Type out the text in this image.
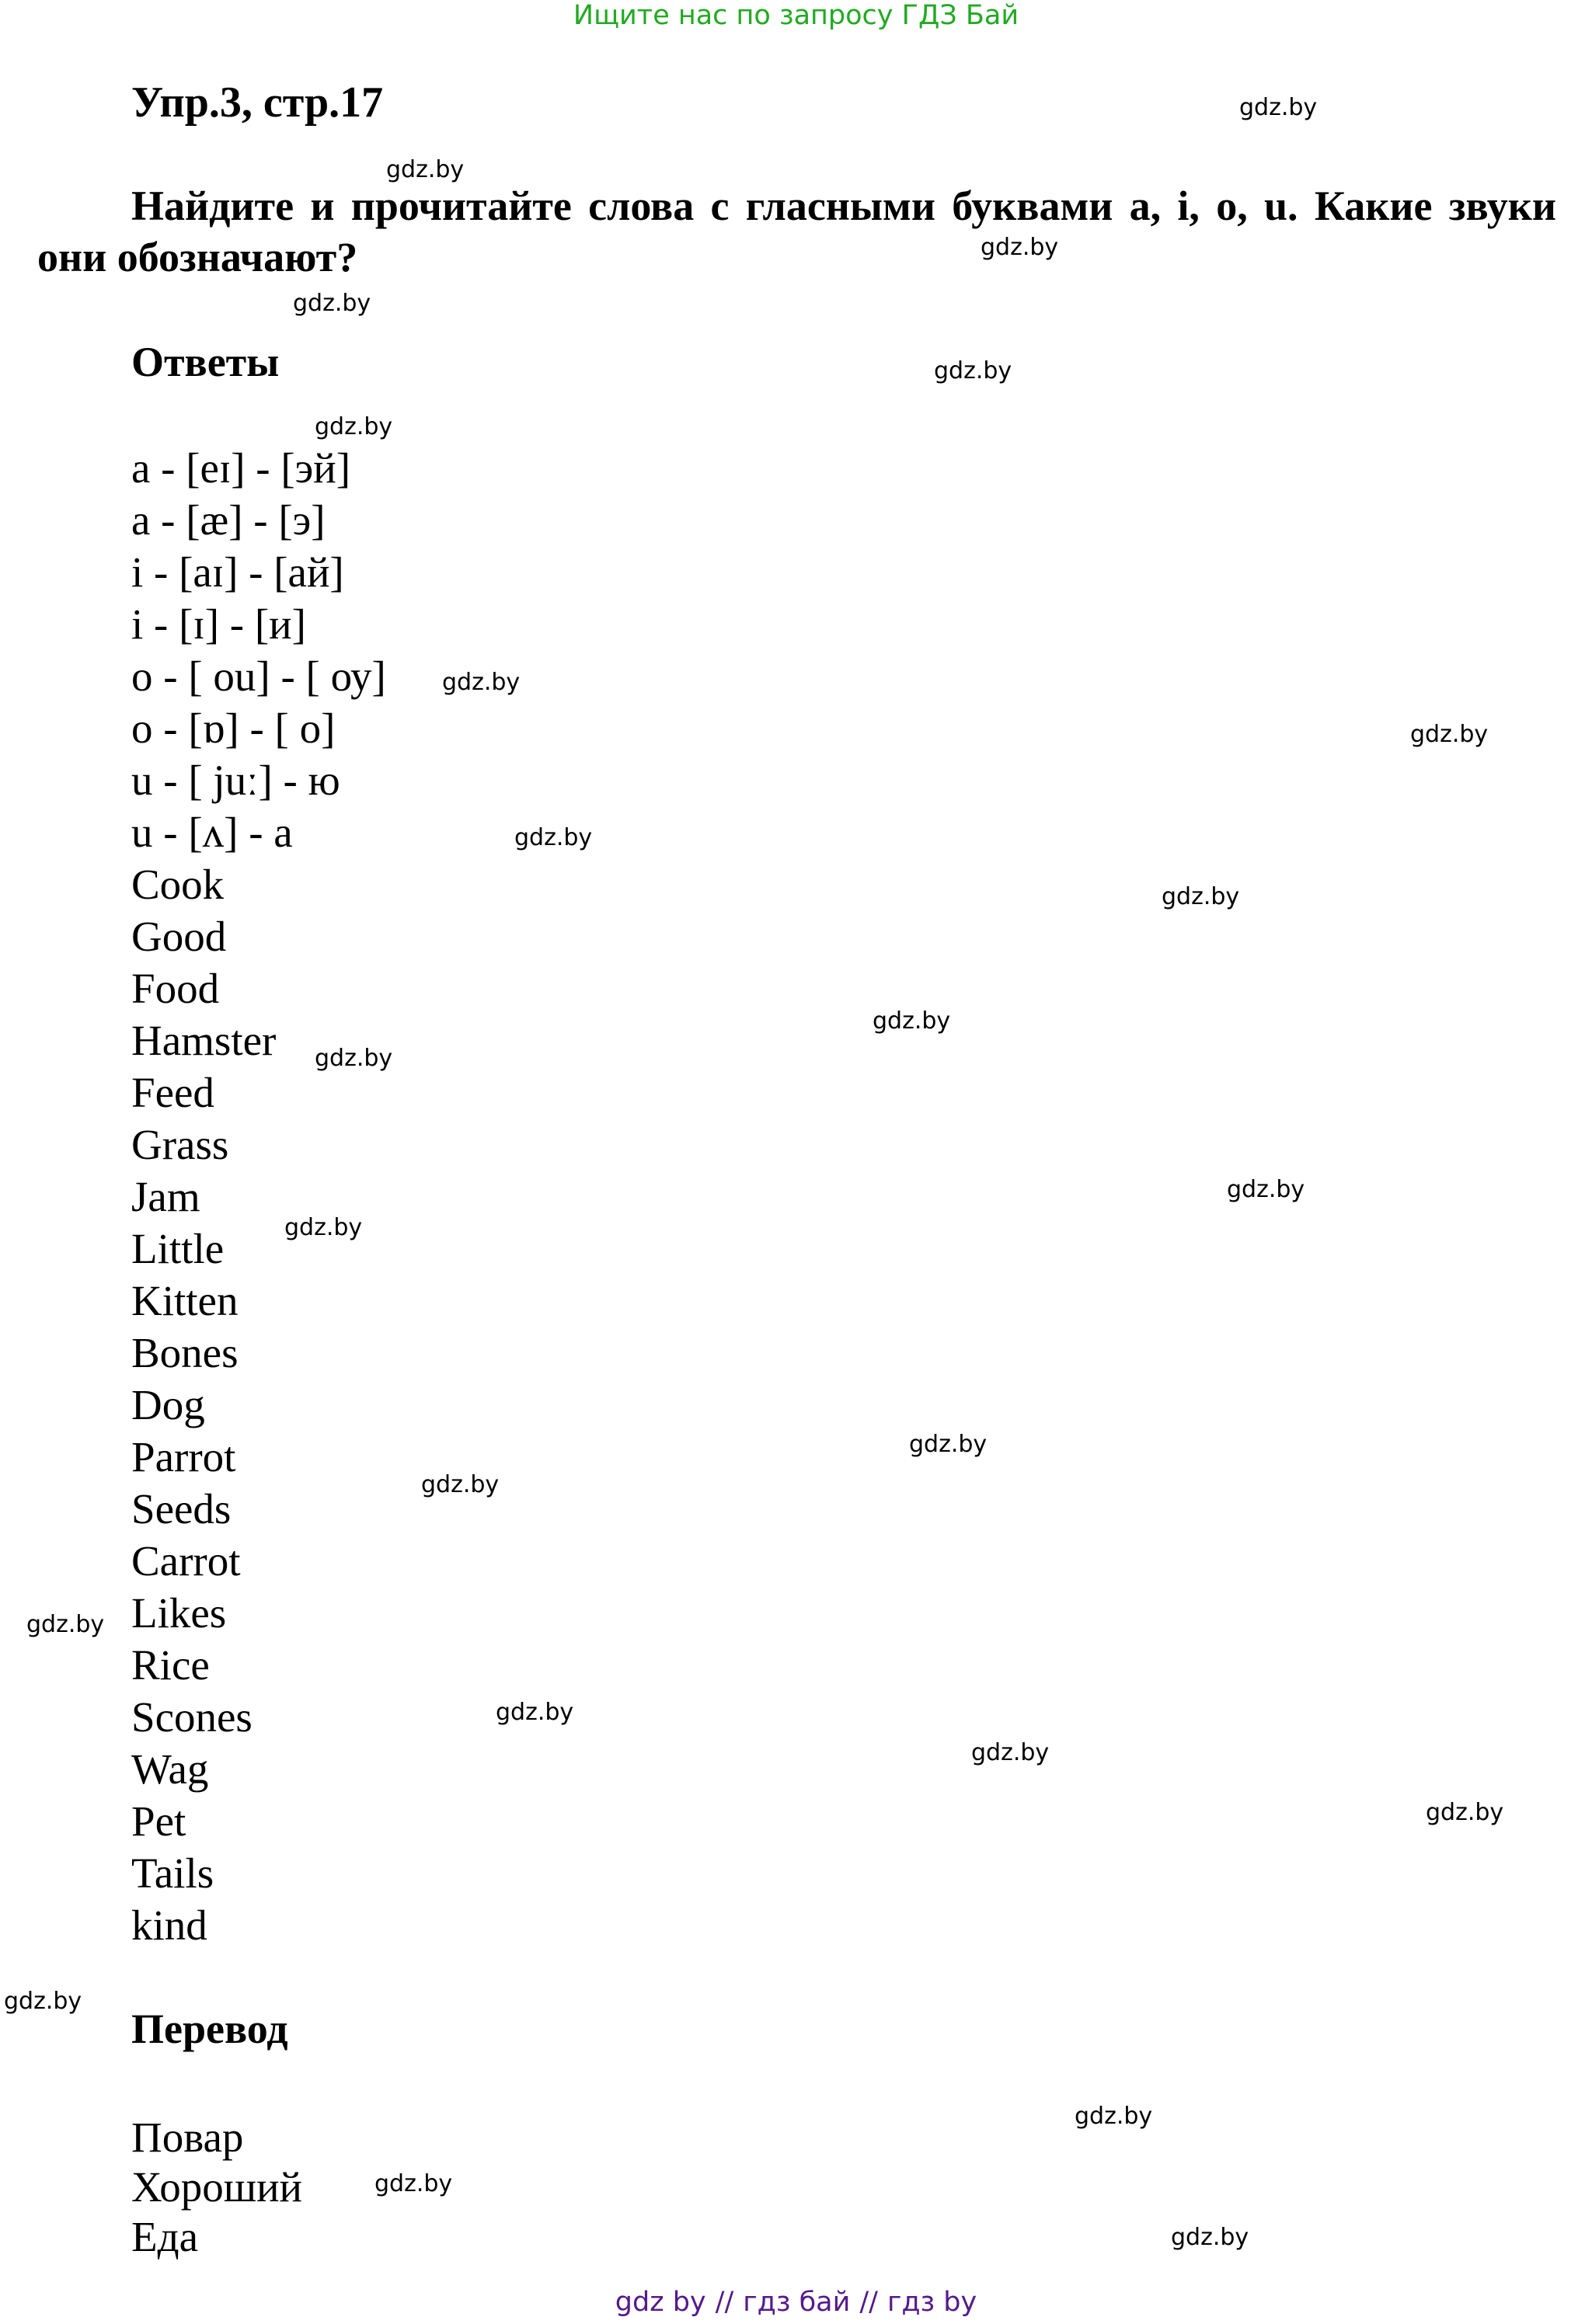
Ищите нас по запросу ГДЗ Бай
Упр.3, стр.17

Найдите и прочитайте слова с гласными буквами a, i, o, u. Какие звуки они обозначают?

Ответы
a - [eɪ] - [эй]
a - [æ] - [э]
i - [aɪ] - [ай]
i - [ɪ] - [и]
o - [ ou] - [ оу]
o - [ɒ] - [ о]
u - [ juː] - ю
u - [ʌ] - а
Cook
Good
Food
Hamster
Feed
Grass
Jam
Little
Kitten
Bones
Dog
Parrot
Seeds
Carrot
Likes
Rice
Scones
Wag
Pet
Tails
kind
Перевод
Повар
Хороший
Еда
gdz.by
gdz.by
gdz.by
gdz.by
gdz.by
gdz.by
gdz.by
gdz.by
gdz.by
gdz.by
gdz.by
gdz.by
gdz.by
gdz.by
gdz.by
gdz.by
gdz.by
gdz.by
gdz.by
gdz.by
gdz.by
gdz.by
gdz.by
gdz.by
gdz by // гдз бай // гдз by
